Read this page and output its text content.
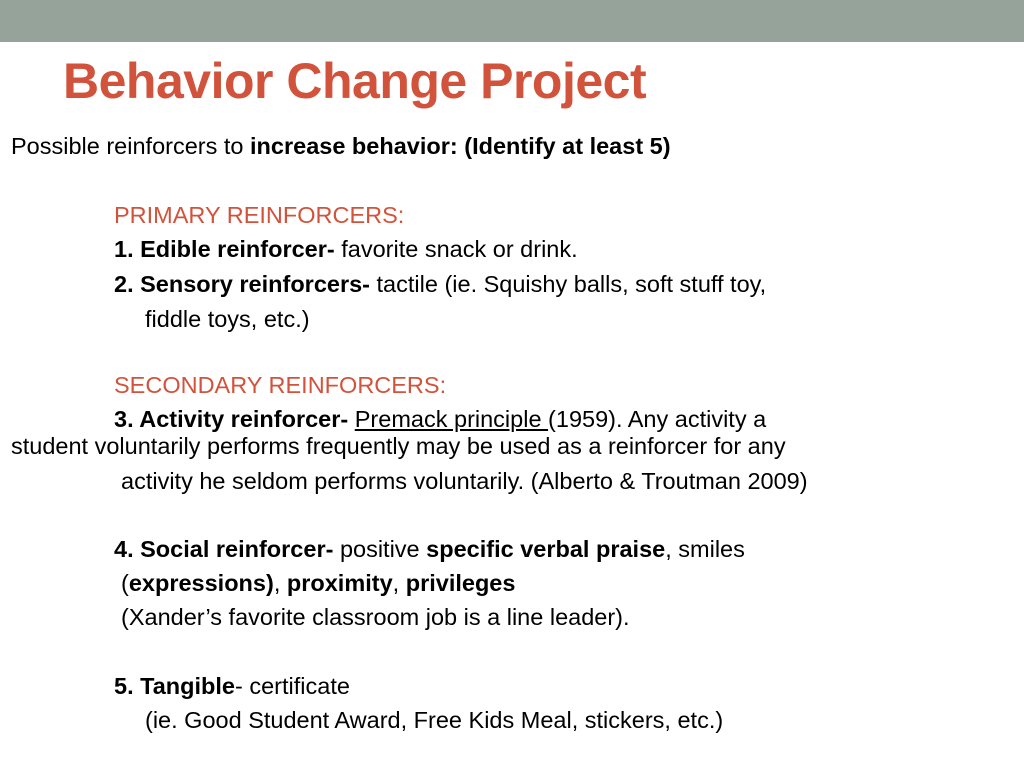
Behavior Change Project
Possible reinforcers to increase behavior: (Identify at least 5)
PRIMARY REINFORCERS:
1. Edible reinforcer- favorite snack or drink.
2. Sensory reinforcers- tactile (ie. Squishy balls, soft stuff toy,
fiddle toys, etc.)
SECONDARY REINFORCERS:
3. Activity reinforcer- Premack principle (1959). Any activity a
student voluntarily performs frequently may be used as a reinforcer for any
activity he seldom performs voluntarily. (Alberto & Troutman 2009)
4. Social reinforcer- positive specific verbal praise, smiles
(expressions), proximity, privileges
(Xander’s favorite classroom job is a line leader).
5. Tangible- certificate
(ie. Good Student Award, Free Kids Meal, stickers, etc.)
